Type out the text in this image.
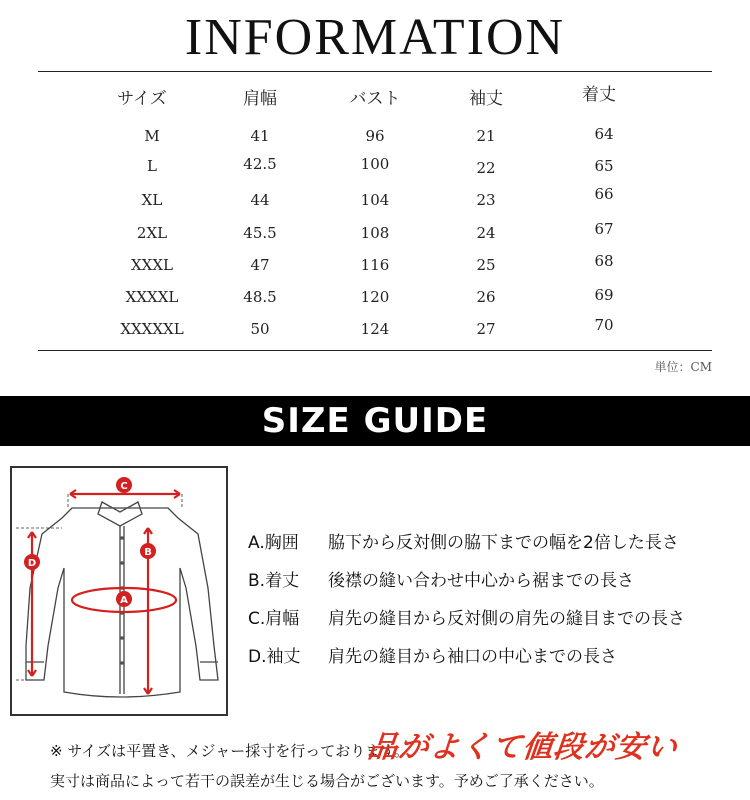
INFORMATION
サイズ	肩幅	バスト	袖丈	着丈
M	41	96	21	64
L	42.5	100	22	65
XL	44	104	23	66
2XL	45.5	108	24	67
XXXL	47	116	25	68
XXXXL	48.5	120	26	69
XXXXXL	50	124	27	70
単位：CM
SIZE GUIDE
C
B
D
A
A.胸囲 脇下から反対側の脇下までの幅を2倍した長さ
B.着丈 後襟の縫い合わせ中心から裾までの長さ
C.肩幅 肩先の縫目から反対側の肩先の縫目までの長さ
D.袖丈 肩先の縫目から袖口の中心までの長さ
※ サイズは平置き、メジャー採寸を行っております。
実寸は商品によって若干の誤差が生じる場合がございます。予めご了承ください。
品がよくて値段が安い
